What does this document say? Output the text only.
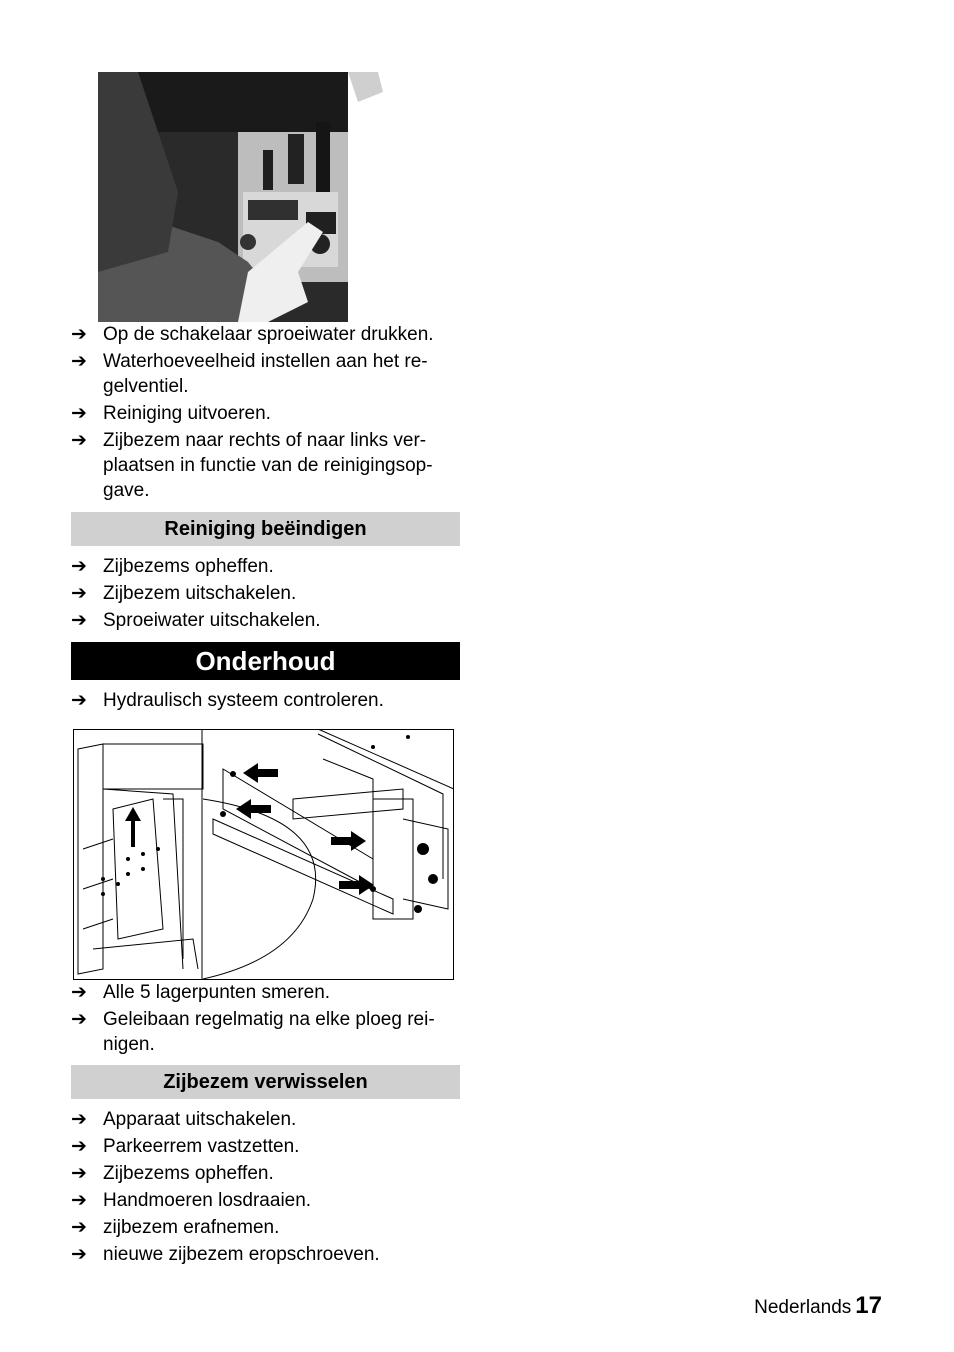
➔ Op de schakelaar sproeiwater drukken.
➔ Waterhoeveelheid instellen aan het re-
gelventiel.
➔ Reiniging uitvoeren.
➔ Zijbezem naar rechts of naar links ver-
plaatsen in functie van de reinigingsop-
gave.
Reiniging beëindigen
➔ Zijbezems opheffen.
➔ Zijbezem uitschakelen.
➔ Sproeiwater uitschakelen.
Onderhoud
➔ Hydraulisch systeem controleren.
➔ Alle 5 lagerpunten smeren.
➔ Geleibaan regelmatig na elke ploeg rei-
nigen.
Zijbezem verwisselen
➔ Apparaat uitschakelen.
➔ Parkeerrem vastzetten.
➔ Zijbezems opheffen.
➔ Handmoeren losdraaien.
➔ zijbezem erafnemen.
➔ nieuwe zijbezem eropschroeven.
Nederlands 17
